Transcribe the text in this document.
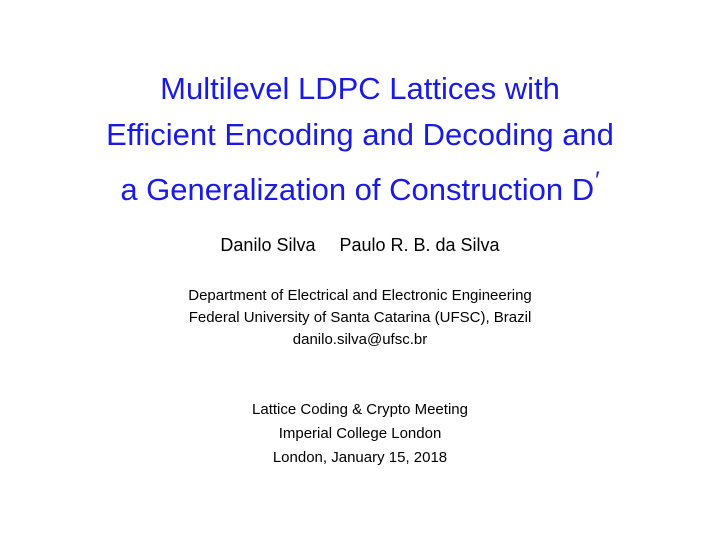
Multilevel LDPC Lattices with
Efficient Encoding and Decoding and
a Generalization of Construction D′
Danilo Silva Paulo R. B. da Silva
Department of Electrical and Electronic Engineering
Federal University of Santa Catarina (UFSC), Brazil
danilo.silva@ufsc.br
Lattice Coding & Crypto Meeting
Imperial College London
London, January 15, 2018
